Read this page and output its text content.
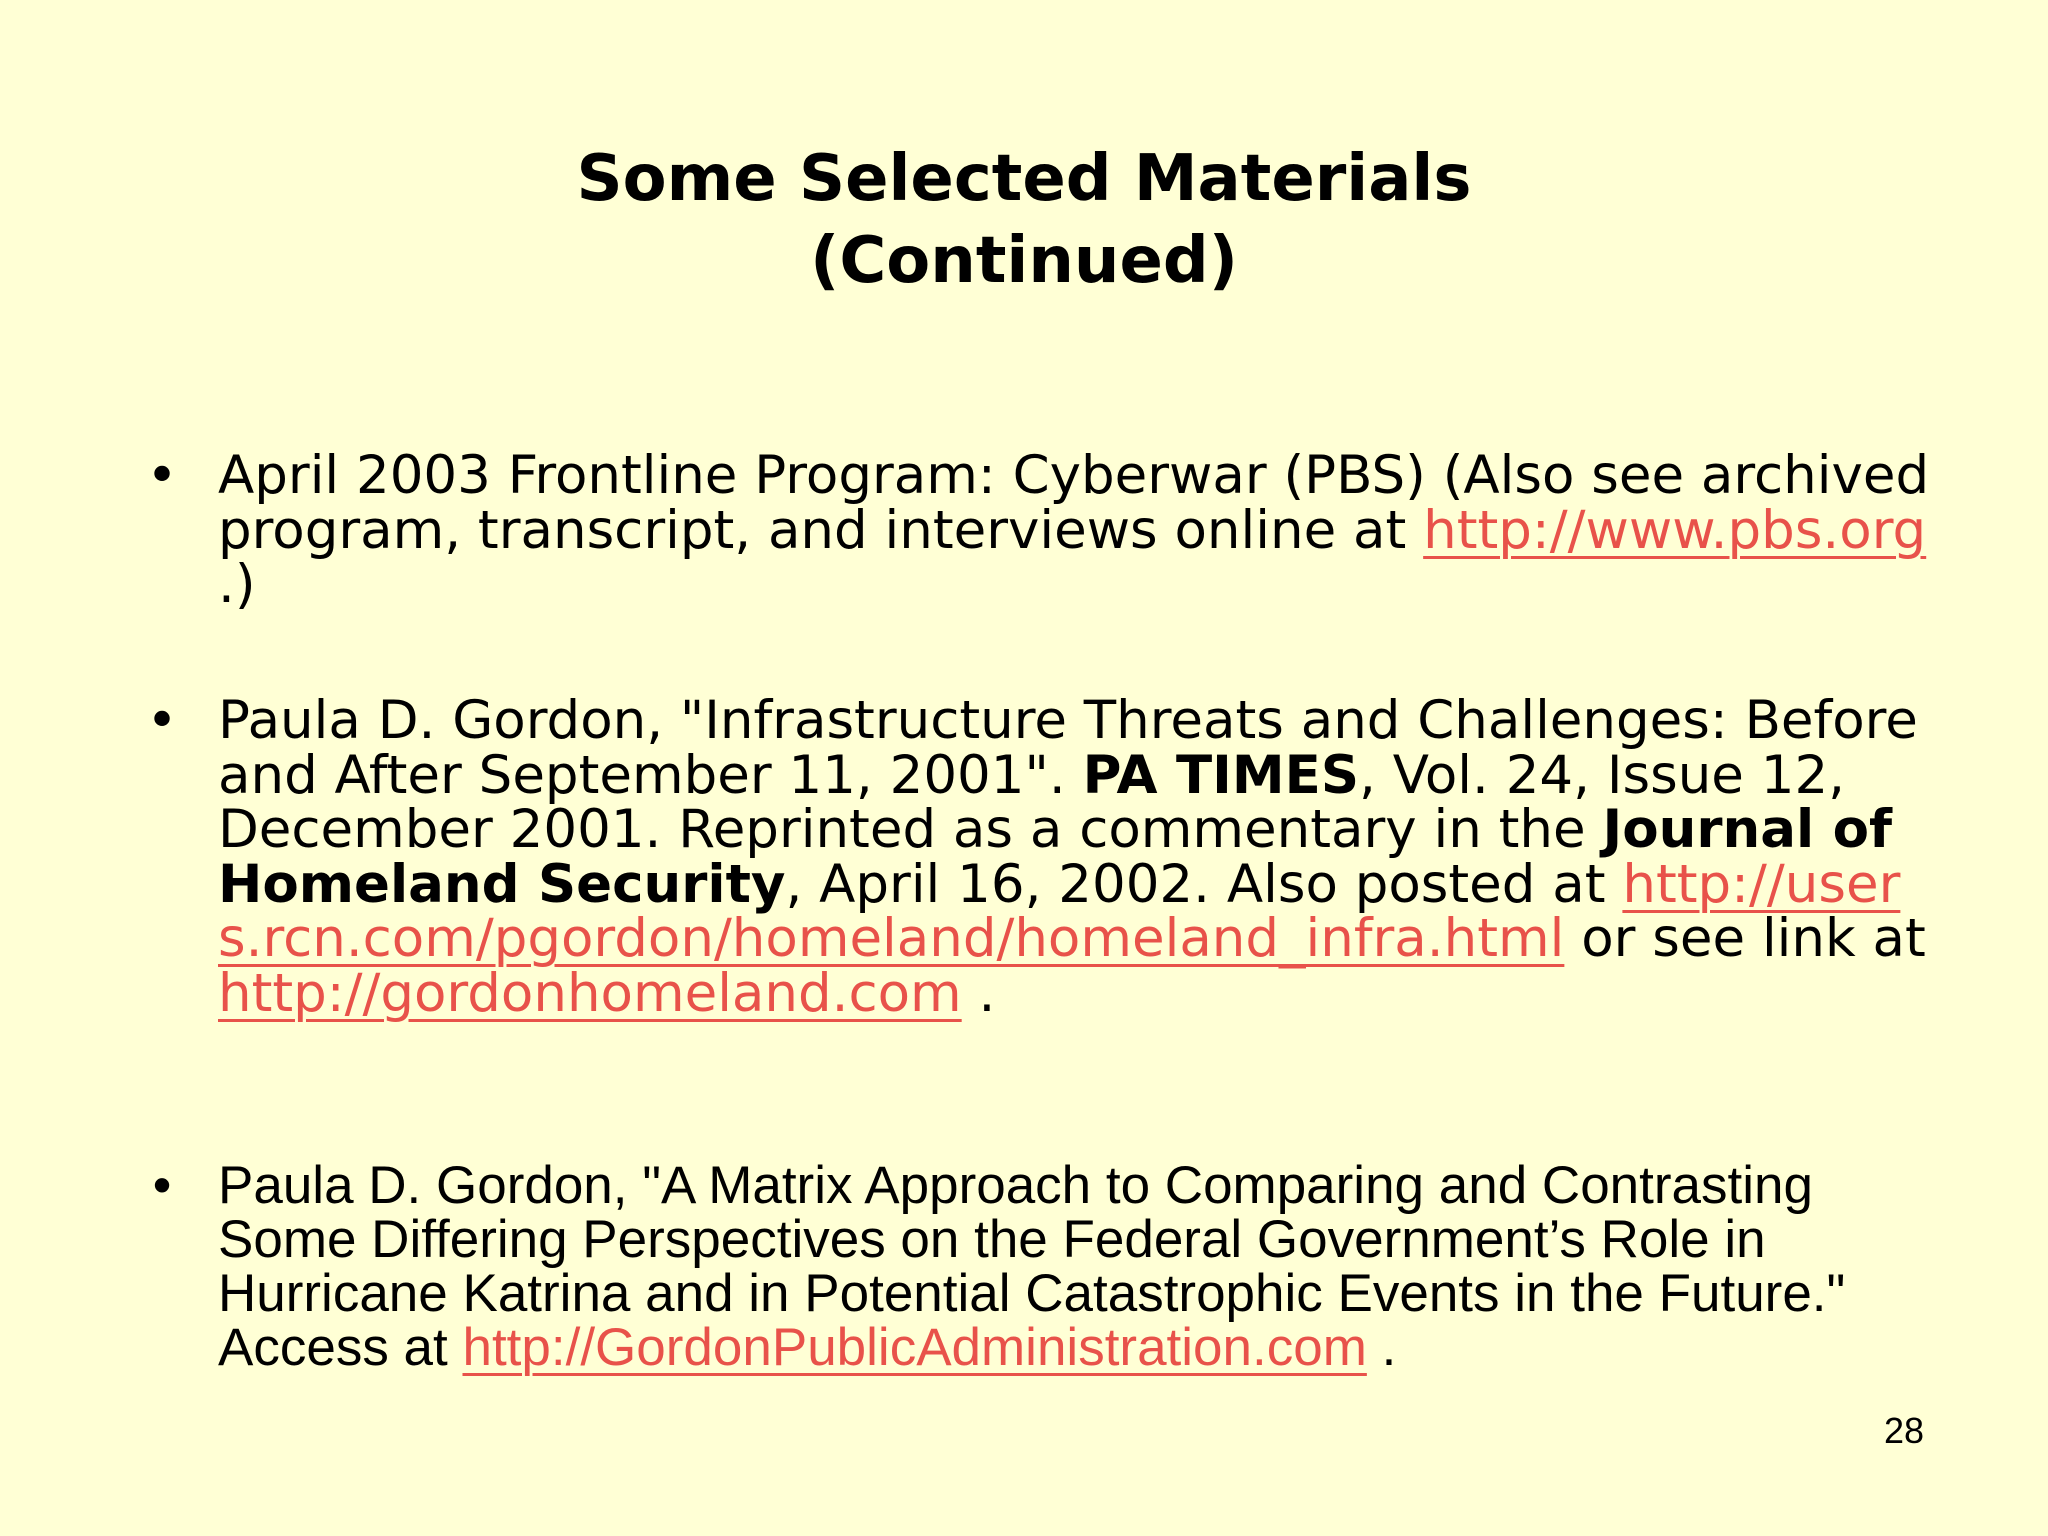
Some Selected Materials
(Continued)
• April 2003 Frontline Program: Cyberwar (PBS) (Also see archived program, transcript, and interviews online at http://www.pbs.org .)
• Paula D. Gordon, "Infrastructure Threats and Challenges: Before and After September 11, 2001". PA TIMES, Vol. 24, Issue 12, December 2001. Reprinted as a commentary in the Journal of Homeland Security, April 16, 2002. Also posted at http://users.rcn.com/pgordon/homeland/homeland_infra.html or see link at http://gordonhomeland.com .
• Paula D. Gordon, "A Matrix Approach to Comparing and Contrasting Some Differing Perspectives on the Federal Government’s Role in Hurricane Katrina and in Potential Catastrophic Events in the Future." Access at http://GordonPublicAdministration.com .
28
